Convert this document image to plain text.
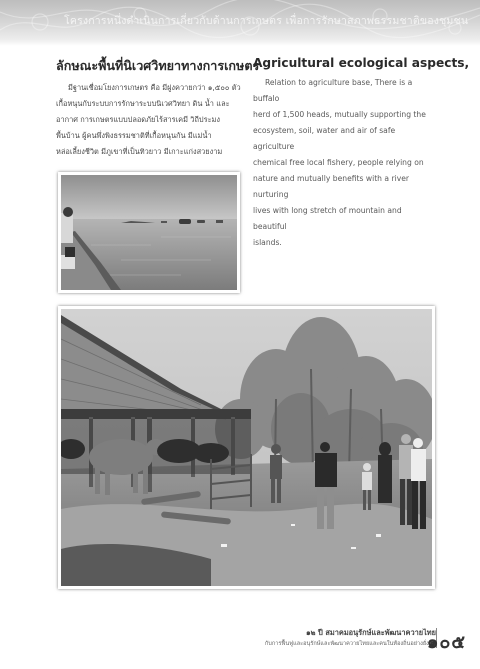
โครงการหนึ่งดำเนินการเกี่ยวกับด้านการเกษตร เพื่อการรักษาสภาพธรรมชาติของชุมชน
ลักษณะพื้นที่นิเวศวิทยาทางการเกษตร
มีฐานเชื่อมโยงการเกษตร คือ มีฝูงควายกว่า ๑,๕๐๐ ตัว
เกื้อหนุนกับระบบการรักษาระบบนิเวศวิทยา ดิน น้ำ และ
อากาศ การเกษตรแบบปลอดภัยไร้สารเคมี วิถีประมง
พื้นบ้าน ผู้คนพึ่งพิงธรรมชาติที่เกื้อหนุนกัน มีแม่น้ำ
หล่อเลี้ยงชีวิต มีภูเขาที่เป็นทิวยาว มีเกาะแก่งสวยงาม
Agricultural ecological aspects,
Relation to agriculture base, There is a buffalo
herd of 1,500 heads, mutually supporting the
ecosystem, soil, water and air of safe agriculture
chemical free local fishery, people relying on
nature and mutually benefits with a river nurturing
lives with long stretch of mountain and beautiful
islands.
๑๒ ปี สมาคมอนุรักษ์และพัฒนาควายไทย
กับการฟื้นฟูและอนุรักษ์และพัฒนาควายไทยและคนในท้องถิ่นอย่างยั่งยืน
๑๐๕
